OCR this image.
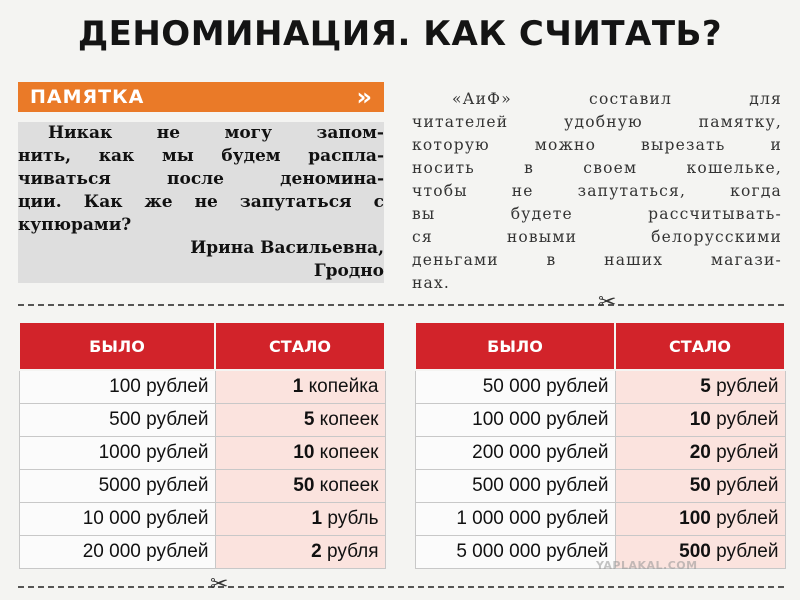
ДЕНОМИНАЦИЯ. КАК СЧИТАТЬ?
ПАМЯТКА	»
Никак не могу запом-
нить, как мы будем распла-
чиваться после деномина-
ции. Как же не запутаться с
купюрами?
Ирина Васильевна,
Гродно
«АиФ» составил для
читателей удобную памятку,
которую можно вырезать и
носить в своем кошельке,
чтобы не запутаться, когда
вы будете рассчитывать-
ся новыми белорусскими
деньгами в наших магази-
нах.
✂
БЫЛО	СТАЛО
100 рублей	1 копейка
500 рублей	5 копеек
1000 рублей	10 копеек
5000 рублей	50 копеек
10 000 рублей	1 рубль
20 000 рублей	2 рубля
БЫЛО	СТАЛО
50 000 рублей	5 рублей
100 000 рублей	10 рублей
200 000 рублей	20 рублей
500 000 рублей	50 рублей
1 000 000 рублей	100 рублей
5 000 000 рублей	500 рублей
YAPLAKAL.COM
✂
